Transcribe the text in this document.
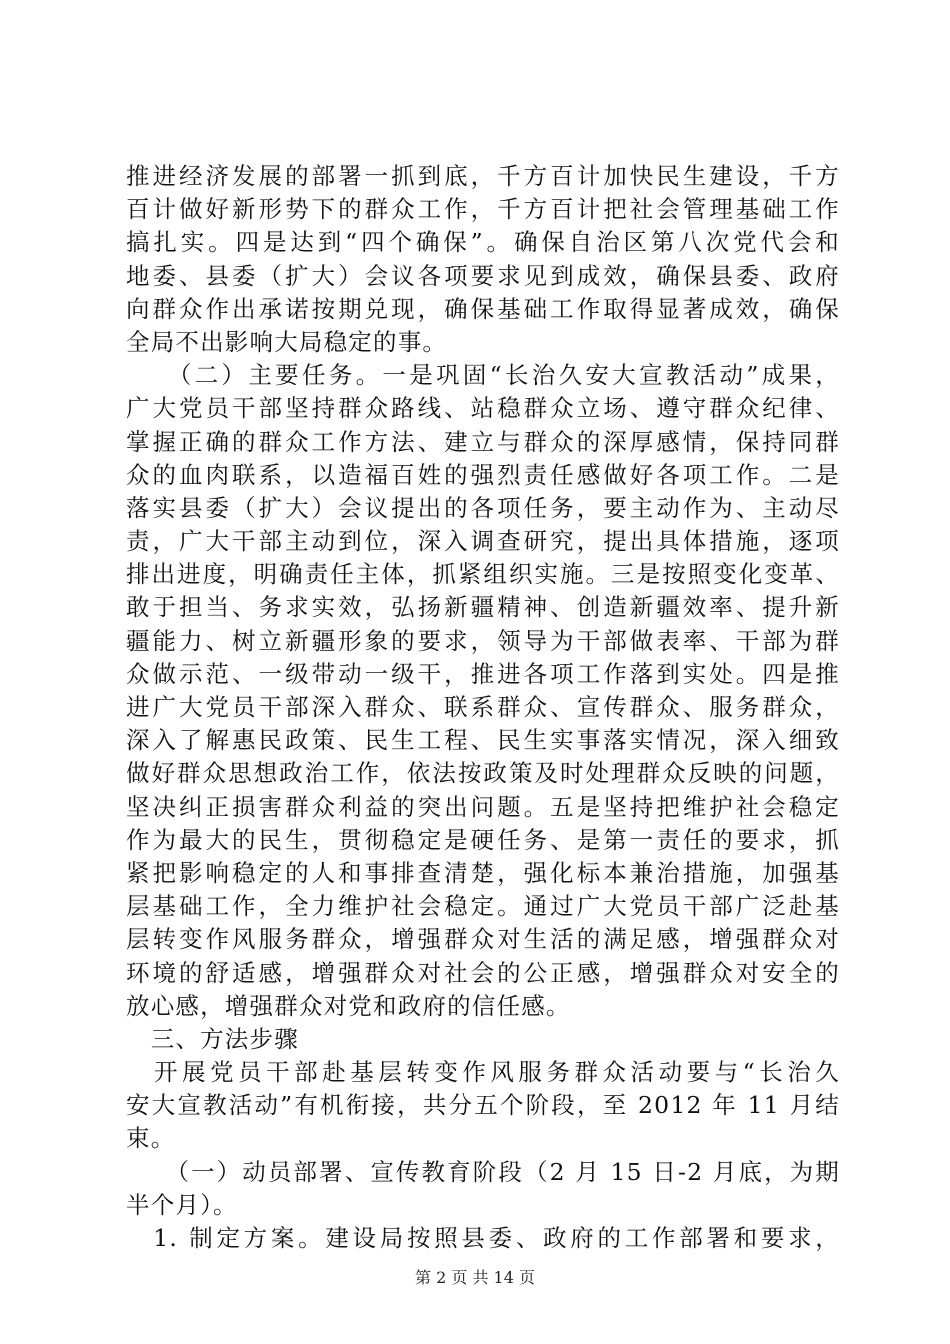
推进经济发展的部署一抓到底，千方百计加快民生建设，千方
百计做好新形势下的群众工作，千方百计把社会管理基础工作
搞扎实。四是达到“四个确保”。确保自治区第八次党代会和
地委、县委（扩大）会议各项要求见到成效，确保县委、政府
向群众作出承诺按期兑现，确保基础工作取得显著成效，确保
全局不出影响大局稳定的事。
　　（二）主要任务。一是巩固“长治久安大宣教活动”成果，
广大党员干部坚持群众路线、站稳群众立场、遵守群众纪律、
掌握正确的群众工作方法、建立与群众的深厚感情，保持同群
众的血肉联系，以造福百姓的强烈责任感做好各项工作。二是
落实县委（扩大）会议提出的各项任务，要主动作为、主动尽
责，广大干部主动到位，深入调查研究，提出具体措施，逐项
排出进度，明确责任主体，抓紧组织实施。三是按照变化变革、
敢于担当、务求实效，弘扬新疆精神、创造新疆效率、提升新
疆能力、树立新疆形象的要求，领导为干部做表率、干部为群
众做示范、一级带动一级干，推进各项工作落到实处。四是推
进广大党员干部深入群众、联系群众、宣传群众、服务群众，
深入了解惠民政策、民生工程、民生实事落实情况，深入细致
做好群众思想政治工作，依法按政策及时处理群众反映的问题，
坚决纠正损害群众利益的突出问题。五是坚持把维护社会稳定
作为最大的民生，贯彻稳定是硬任务、是第一责任的要求，抓
紧把影响稳定的人和事排查清楚，强化标本兼治措施，加强基
层基础工作，全力维护社会稳定。通过广大党员干部广泛赴基
层转变作风服务群众，增强群众对生活的满足感，增强群众对
环境的舒适感，增强群众对社会的公正感，增强群众对安全的
放心感，增强群众对党和政府的信任感。
　三、方法步骤
　开展党员干部赴基层转变作风服务群众活动要与“长治久
安大宣教活动”有机衔接，共分五个阶段，至 2012 年 11 月结
束。
　　（一）动员部署、宣传教育阶段（2 月 15 日-2 月底，为期
半个月）。
　1. 制定方案。建设局按照县委、政府的工作部署和要求，
第 2 页 共 14 页
